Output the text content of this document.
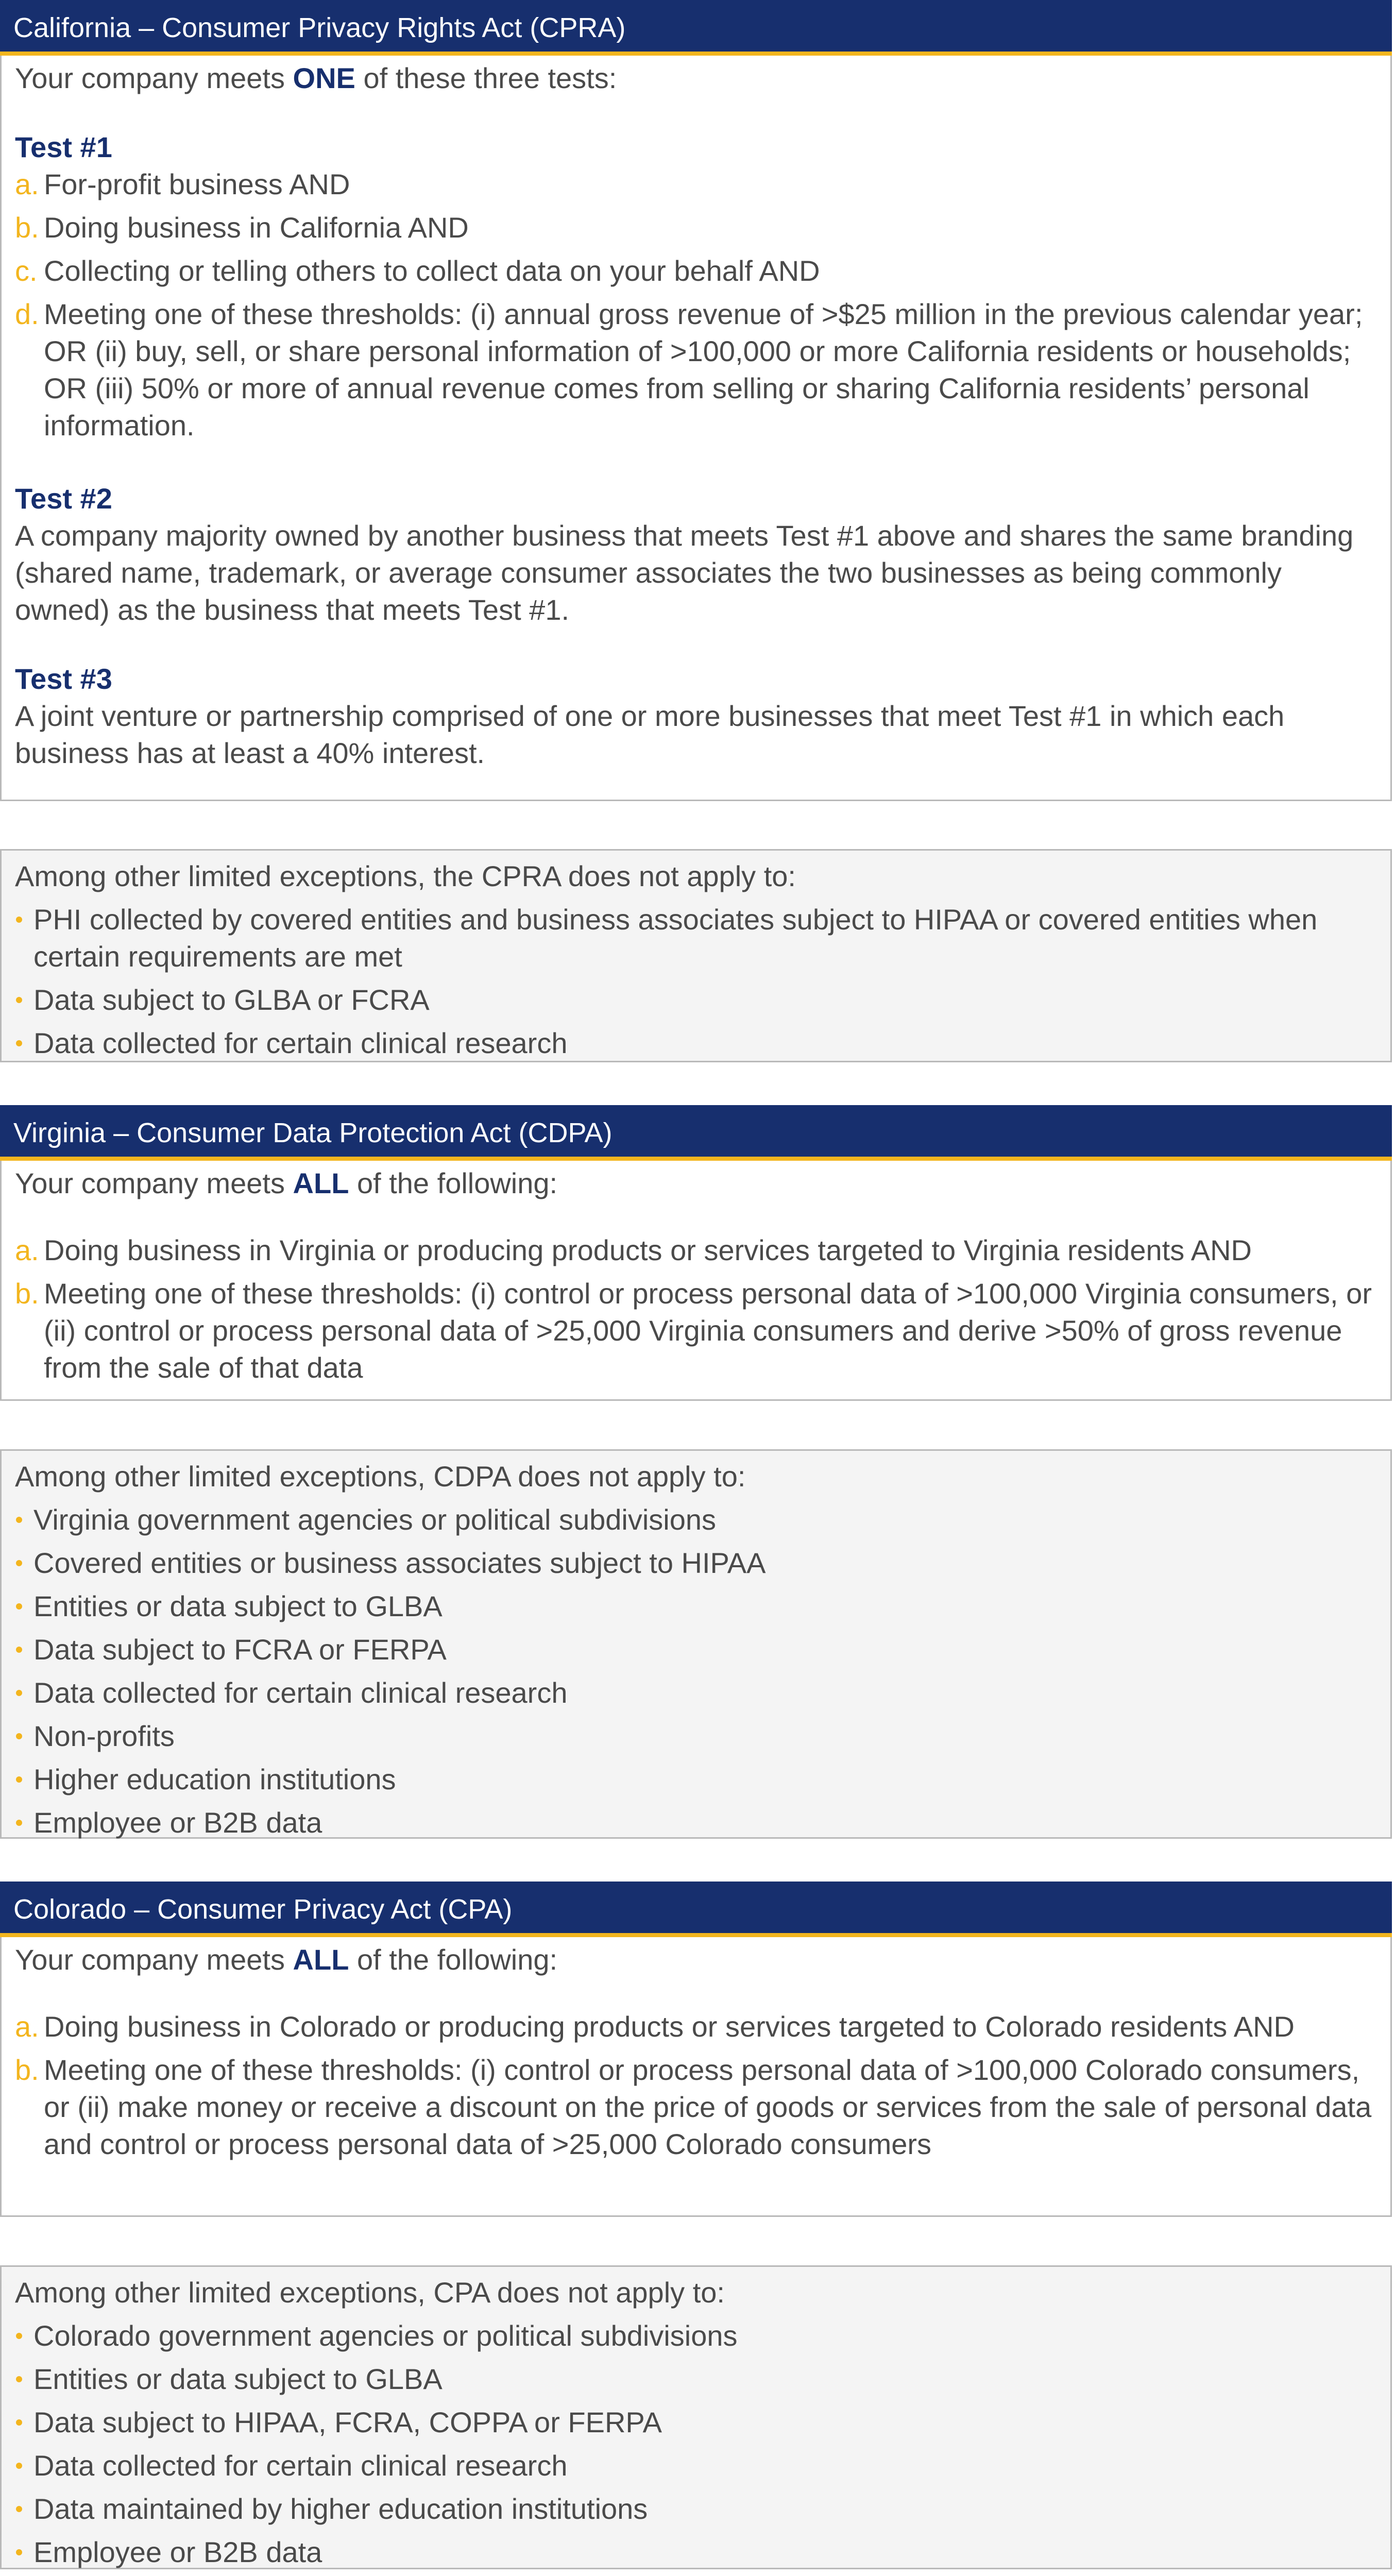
California – Consumer Privacy Rights Act (CPRA)

Your company meets ONE of these three tests:

Test #1

a. For-profit business AND
b. Doing business in California AND
c. Collecting or telling others to collect data on your behalf AND
d. Meeting one of these thresholds: (i) annual gross revenue of >$25 million in the previous calendar year; OR (ii) buy, sell, or share personal information of >100,000 or more California residents or households; OR (iii) 50% or more of annual revenue comes from selling or sharing California residents’ personal information.

Test #2

A company majority owned by another business that meets Test #1 above and shares the same branding (shared name, trademark, or average consumer associates the two businesses as being commonly owned) as the business that meets Test #1.

Test #3

A joint venture or partnership comprised of one or more businesses that meet Test #1 in which each business has at least a 40% interest.

Among other limited exceptions, the CPRA does not apply to:

PHI collected by covered entities and business associates subject to HIPAA or covered entities when certain requirements are met
Data subject to GLBA or FCRA
Data collected for certain clinical research
Virginia – Consumer Data Protection Act (CDPA)

Your company meets ALL of the following:

a. Doing business in Virginia or producing products or services targeted to Virginia residents AND
b. Meeting one of these thresholds: (i) control or process personal data of >100,000 Virginia consumers, or (ii) control or process personal data of >25,000 Virginia consumers and derive >50% of gross revenue from the sale of that data

Among other limited exceptions, CDPA does not apply to:

Virginia government agencies or political subdivisions
Covered entities or business associates subject to HIPAA
Entities or data subject to GLBA
Data subject to FCRA or FERPA
Data collected for certain clinical research
Non-profits
Higher education institutions
Employee or B2B data
Colorado – Consumer Privacy Act (CPA)

Your company meets ALL of the following:

a. Doing business in Colorado or producing products or services targeted to Colorado residents AND
b. Meeting one of these thresholds: (i) control or process personal data of >100,000 Colorado consumers, or (ii) make money or receive a discount on the price of goods or services from the sale of personal data and control or process personal data of >25,000 Colorado consumers

Among other limited exceptions, CPA does not apply to:

Colorado government agencies or political subdivisions
Entities or data subject to GLBA
Data subject to HIPAA, FCRA, COPPA or FERPA
Data collected for certain clinical research
Data maintained by higher education institutions
Employee or B2B data
